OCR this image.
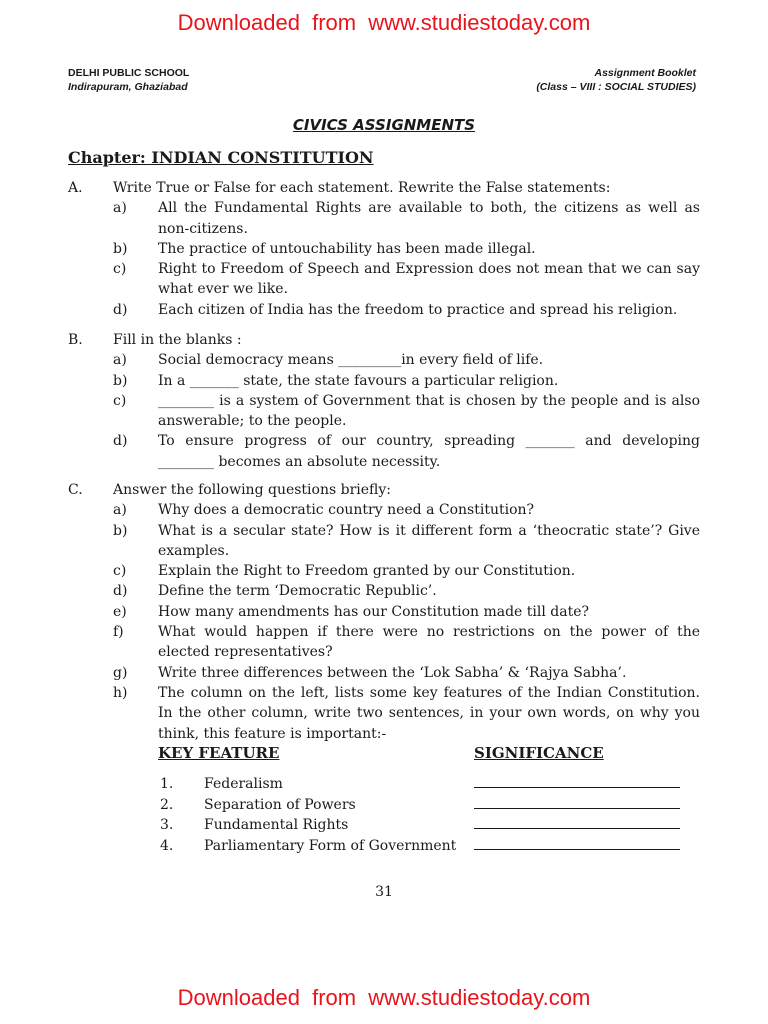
Downloaded from www.studiestoday.com
DELHI PUBLIC SCHOOL
Indirapuram, Ghaziabad
Assignment Booklet
(Class – VIII : SOCIAL STUDIES)
CIVICS ASSIGNMENTS
Chapter: INDIAN CONSTITUTION
A.	Write True or False for each statement. Rewrite the False statements:
a)	All the Fundamental Rights are available to both, the citizens as well as non-citizens.
b)	The practice of untouchability has been made illegal.
c)	Right to Freedom of Speech and Expression does not mean that we can say what ever we like.
d)	Each citizen of India has the freedom to practice and spread his religion.
B.	Fill in the blanks :
a)	Social democracy means _________in every field of life.
b)	In a _______ state, the state favours a particular religion.
c)	________ is a system of Government that is chosen by the people and is also answerable; to the people.
d)	To ensure progress of our country, spreading _______ and developing ________ becomes an absolute necessity.
C.	Answer the following questions briefly:
a)	Why does a democratic country need a Constitution?
b)	What is a secular state? How is it different form a ‘theocratic state’? Give examples.
c)	Explain the Right to Freedom granted by our Constitution.
d)	Define the term ‘Democratic Republic’.
e)	How many amendments has our Constitution made till date?
f)	What would happen if there were no restrictions on the power of the elected representatives?
g)	Write three differences between the ‘Lok Sabha’ & ‘Rajya Sabha’.
h)	The column on the left, lists some key features of the Indian Constitution. In the other column, write two sentences, in your own words, on why you think, this feature is important:-
KEY FEATURE	SIGNIFICANCE
1.	Federalism
2.	Separation of Powers
3.	Fundamental Rights
4.	Parliamentary Form of Government
31
Downloaded from www.studiestoday.com
